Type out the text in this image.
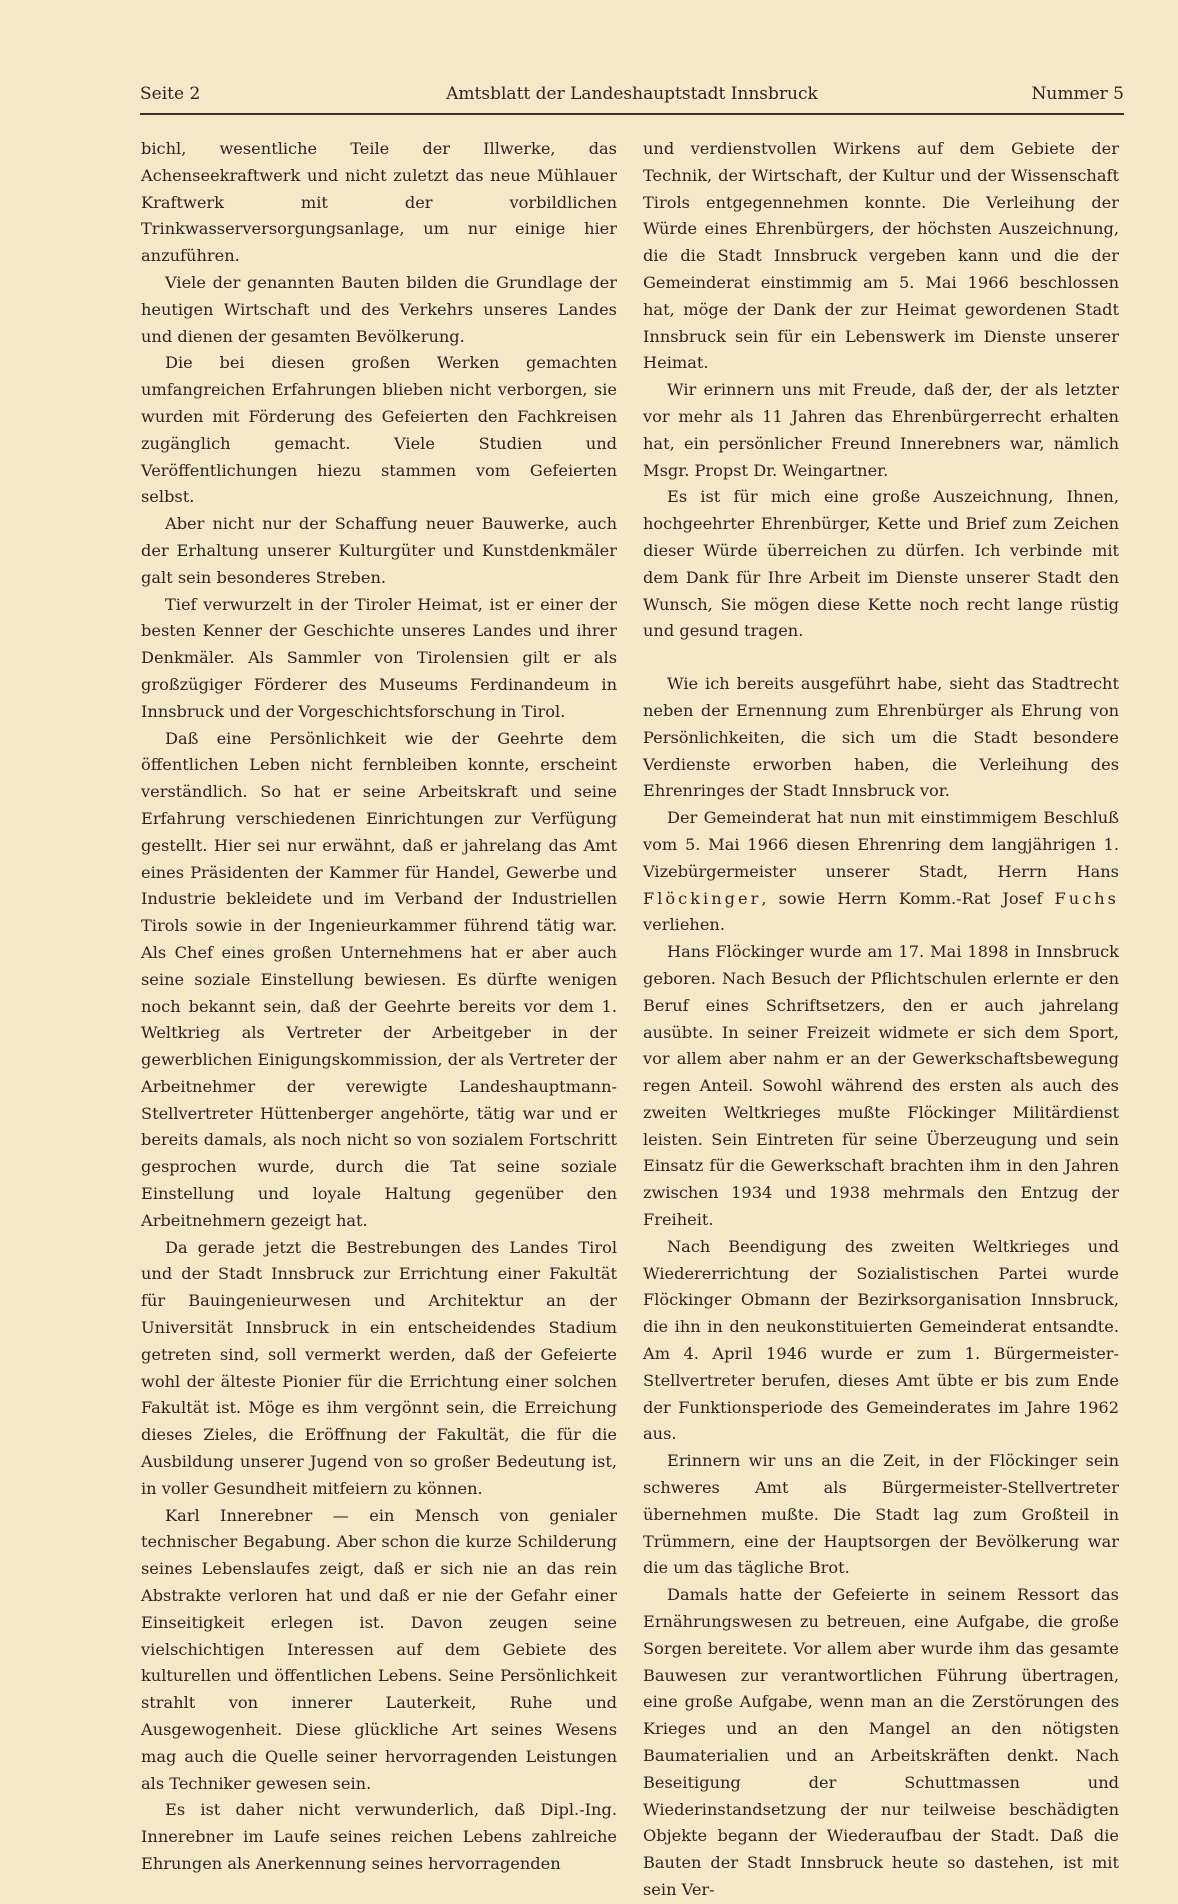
Seite 2	Amtsblatt der Landeshauptstadt Innsbruck	Nummer 5

bichl, wesentliche Teile der Illwerke, das Achenseekraftwerk und nicht zuletzt das neue Mühlauer Kraftwerk mit der vorbildlichen Trinkwasserversorgungsanlage, um nur einige hier anzuführen.

Viele der genannten Bauten bilden die Grundlage der heutigen Wirtschaft und des Verkehrs unseres Landes und dienen der gesamten Bevölkerung.

Die bei diesen großen Werken gemachten umfangreichen Erfahrungen blieben nicht verborgen, sie wurden mit Förderung des Gefeierten den Fachkreisen zugänglich gemacht. Viele Studien und Veröffentlichungen hiezu stammen vom Gefeierten selbst.

Aber nicht nur der Schaffung neuer Bauwerke, auch der Erhaltung unserer Kulturgüter und Kunstdenkmäler galt sein besonderes Streben.

Tief verwurzelt in der Tiroler Heimat, ist er einer der besten Kenner der Geschichte unseres Landes und ihrer Denkmäler. Als Sammler von Tirolensien gilt er als großzügiger Förderer des Museums Ferdinandeum in Innsbruck und der Vorgeschichtsforschung in Tirol.

Daß eine Persönlichkeit wie der Geehrte dem öffentlichen Leben nicht fernbleiben konnte, erscheint verständlich. So hat er seine Arbeitskraft und seine Erfahrung verschiedenen Einrichtungen zur Verfügung gestellt. Hier sei nur erwähnt, daß er jahrelang das Amt eines Präsidenten der Kammer für Handel, Gewerbe und Industrie bekleidete und im Verband der Industriellen Tirols sowie in der Ingenieurkammer führend tätig war. Als Chef eines großen Unternehmens hat er aber auch seine soziale Einstellung bewiesen. Es dürfte wenigen noch bekannt sein, daß der Geehrte bereits vor dem 1. Weltkrieg als Vertreter der Arbeitgeber in der gewerblichen Einigungskommission, der als Vertreter der Arbeitnehmer der verewigte Landeshauptmann-Stellvertreter Hüttenberger angehörte, tätig war und er bereits damals, als noch nicht so von sozialem Fortschritt gesprochen wurde, durch die Tat seine soziale Einstellung und loyale Haltung gegenüber den Arbeitnehmern gezeigt hat.

Da gerade jetzt die Bestrebungen des Landes Tirol und der Stadt Innsbruck zur Errichtung einer Fakultät für Bauingenieurwesen und Architektur an der Universität Innsbruck in ein entscheidendes Stadium getreten sind, soll vermerkt werden, daß der Gefeierte wohl der älteste Pionier für die Errichtung einer solchen Fakultät ist. Möge es ihm vergönnt sein, die Erreichung dieses Zieles, die Eröffnung der Fakultät, die für die Ausbildung unserer Jugend von so großer Bedeutung ist, in voller Gesundheit mitfeiern zu können.

Karl Innerebner — ein Mensch von genialer technischer Begabung. Aber schon die kurze Schilderung seines Lebenslaufes zeigt, daß er sich nie an das rein Abstrakte verloren hat und daß er nie der Gefahr einer Einseitigkeit erlegen ist. Davon zeugen seine vielschichtigen Interessen auf dem Gebiete des kulturellen und öffentlichen Lebens. Seine Persönlichkeit strahlt von innerer Lauterkeit, Ruhe und Ausgewogenheit. Diese glückliche Art seines Wesens mag auch die Quelle seiner hervorragenden Leistungen als Techniker gewesen sein.

Es ist daher nicht verwunderlich, daß Dipl.-Ing. Innerebner im Laufe seines reichen Lebens zahlreiche Ehrungen als Anerkennung seines hervorragenden

und verdienstvollen Wirkens auf dem Gebiete der Technik, der Wirtschaft, der Kultur und der Wissenschaft Tirols entgegennehmen konnte. Die Verleihung der Würde eines Ehrenbürgers, der höchsten Auszeichnung, die die Stadt Innsbruck vergeben kann und die der Gemeinderat einstimmig am 5. Mai 1966 beschlossen hat, möge der Dank der zur Heimat gewordenen Stadt Innsbruck sein für ein Lebenswerk im Dienste unserer Heimat.

Wir erinnern uns mit Freude, daß der, der als letzter vor mehr als 11 Jahren das Ehrenbürgerrecht erhalten hat, ein persönlicher Freund Innerebners war, nämlich Msgr. Propst Dr. Weingartner.

Es ist für mich eine große Auszeichnung, Ihnen, hochgeehrter Ehrenbürger, Kette und Brief zum Zeichen dieser Würde überreichen zu dürfen. Ich verbinde mit dem Dank für Ihre Arbeit im Dienste unserer Stadt den Wunsch, Sie mögen diese Kette noch recht lange rüstig und gesund tragen.

Wie ich bereits ausgeführt habe, sieht das Stadtrecht neben der Ernennung zum Ehrenbürger als Ehrung von Persönlichkeiten, die sich um die Stadt besondere Verdienste erworben haben, die Verleihung des Ehrenringes der Stadt Innsbruck vor.

Der Gemeinderat hat nun mit einstimmigem Beschluß vom 5. Mai 1966 diesen Ehrenring dem langjährigen 1. Vizebürgermeister unserer Stadt, Herrn Hans Flöckinger, sowie Herrn Komm.-Rat Josef Fuchs verliehen.

Hans Flöckinger wurde am 17. Mai 1898 in Innsbruck geboren. Nach Besuch der Pflichtschulen erlernte er den Beruf eines Schriftsetzers, den er auch jahrelang ausübte. In seiner Freizeit widmete er sich dem Sport, vor allem aber nahm er an der Gewerkschaftsbewegung regen Anteil. Sowohl während des ersten als auch des zweiten Weltkrieges mußte Flöckinger Militärdienst leisten. Sein Eintreten für seine Überzeugung und sein Einsatz für die Gewerkschaft brachten ihm in den Jahren zwischen 1934 und 1938 mehrmals den Entzug der Freiheit.

Nach Beendigung des zweiten Weltkrieges und Wiedererrichtung der Sozialistischen Partei wurde Flöckinger Obmann der Bezirksorganisation Innsbruck, die ihn in den neukonstituierten Gemeinderat entsandte. Am 4. April 1946 wurde er zum 1. Bürgermeister-Stellvertreter berufen, dieses Amt übte er bis zum Ende der Funktionsperiode des Gemeinderates im Jahre 1962 aus.

Erinnern wir uns an die Zeit, in der Flöckinger sein schweres Amt als Bürgermeister-Stellvertreter übernehmen mußte. Die Stadt lag zum Großteil in Trümmern, eine der Hauptsorgen der Bevölkerung war die um das tägliche Brot.

Damals hatte der Gefeierte in seinem Ressort das Ernährungswesen zu betreuen, eine Aufgabe, die große Sorgen bereitete. Vor allem aber wurde ihm das gesamte Bauwesen zur verantwortlichen Führung übertragen, eine große Aufgabe, wenn man an die Zerstörungen des Krieges und an den Mangel an den nötigsten Baumaterialien und an Arbeitskräften denkt. Nach Beseitigung der Schuttmassen und Wiederinstandsetzung der nur teilweise beschädigten Objekte begann der Wiederaufbau der Stadt. Daß die Bauten der Stadt Innsbruck heute so dastehen, ist mit sein Ver-
